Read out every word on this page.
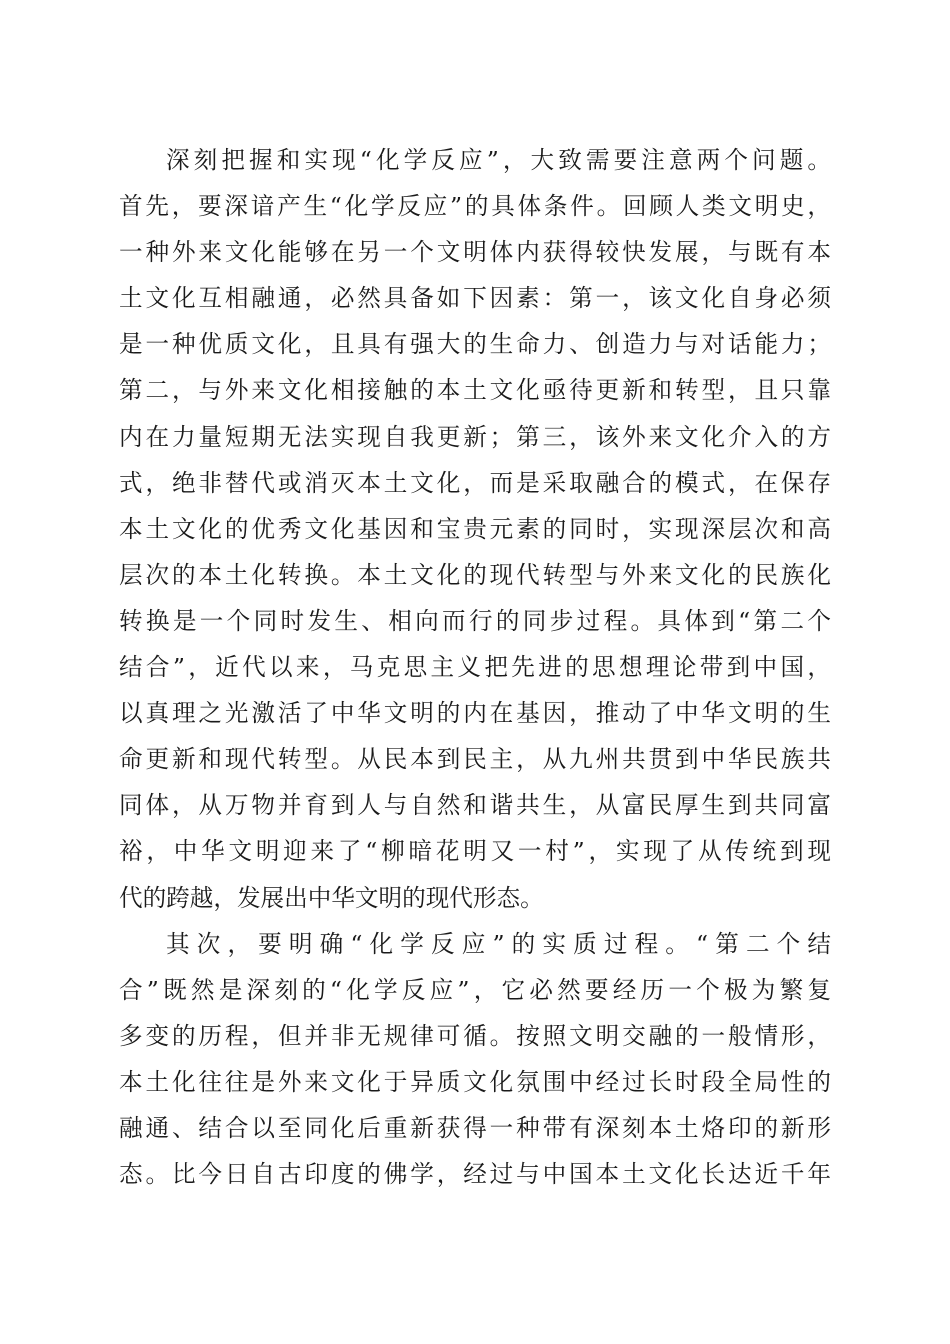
深刻把握和实现“化学反应”，大致需要注意两个问题。
首先，要深谙产生“化学反应”的具体条件。回顾人类文明史，
一种外来文化能够在另一个文明体内获得较快发展，与既有本
土文化互相融通，必然具备如下因素：第一，该文化自身必须
是一种优质文化，且具有强大的生命力、创造力与对话能力；
第二，与外来文化相接触的本土文化亟待更新和转型，且只靠
内在力量短期无法实现自我更新；第三，该外来文化介入的方
式，绝非替代或消灭本土文化，而是采取融合的模式，在保存
本土文化的优秀文化基因和宝贵元素的同时，实现深层次和高
层次的本土化转换。本土文化的现代转型与外来文化的民族化
转换是一个同时发生、相向而行的同步过程。具体到“第二个
结合”，近代以来，马克思主义把先进的思想理论带到中国，
以真理之光激活了中华文明的内在基因，推动了中华文明的生
命更新和现代转型。从民本到民主，从九州共贯到中华民族共
同体，从万物并育到人与自然和谐共生，从富民厚生到共同富
裕，中华文明迎来了“柳暗花明又一村”，实现了从传统到现
代的跨越，发展出中华文明的现代形态。
其次，要明确“化学反应”的实质过程。“第二个结
合”既然是深刻的“化学反应”，它必然要经历一个极为繁复
多变的历程，但并非无规律可循。按照文明交融的一般情形，
本土化往往是外来文化于异质文化氛围中经过长时段全局性的
融通、结合以至同化后重新获得一种带有深刻本土烙印的新形
态。比今日自古印度的佛学，经过与中国本土文化长达近千年
